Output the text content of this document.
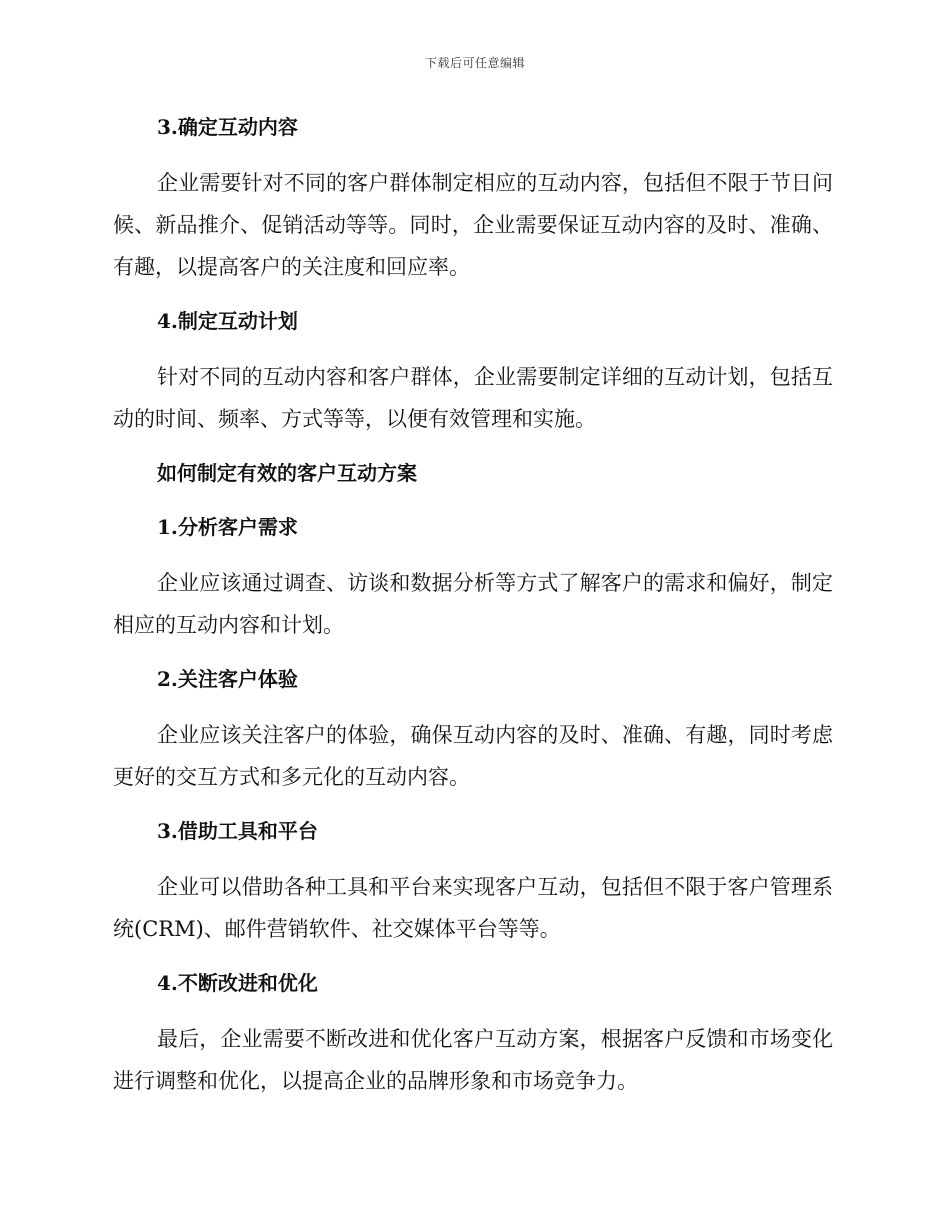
下载后可任意编辑
3.确定互动内容

企业需要针对不同的客户群体制定相应的互动内容，包括但不限于节日问候、新品推介、促销活动等等。同时，企业需要保证互动内容的及时、准确、有趣，以提高客户的关注度和回应率。

4.制定互动计划

针对不同的互动内容和客户群体，企业需要制定详细的互动计划，包括互动的时间、频率、方式等等，以便有效管理和实施。

如何制定有效的客户互动方案
1.分析客户需求

企业应该通过调查、访谈和数据分析等方式了解客户的需求和偏好，制定相应的互动内容和计划。

2.关注客户体验

企业应该关注客户的体验，确保互动内容的及时、准确、有趣，同时考虑更好的交互方式和多元化的互动内容。

3.借助工具和平台

企业可以借助各种工具和平台来实现客户互动，包括但不限于客户管理系统(CRM)、邮件营销软件、社交媒体平台等等。

4.不断改进和优化

最后，企业需要不断改进和优化客户互动方案，根据客户反馈和市场变化进行调整和优化，以提高企业的品牌形象和市场竞争力。
